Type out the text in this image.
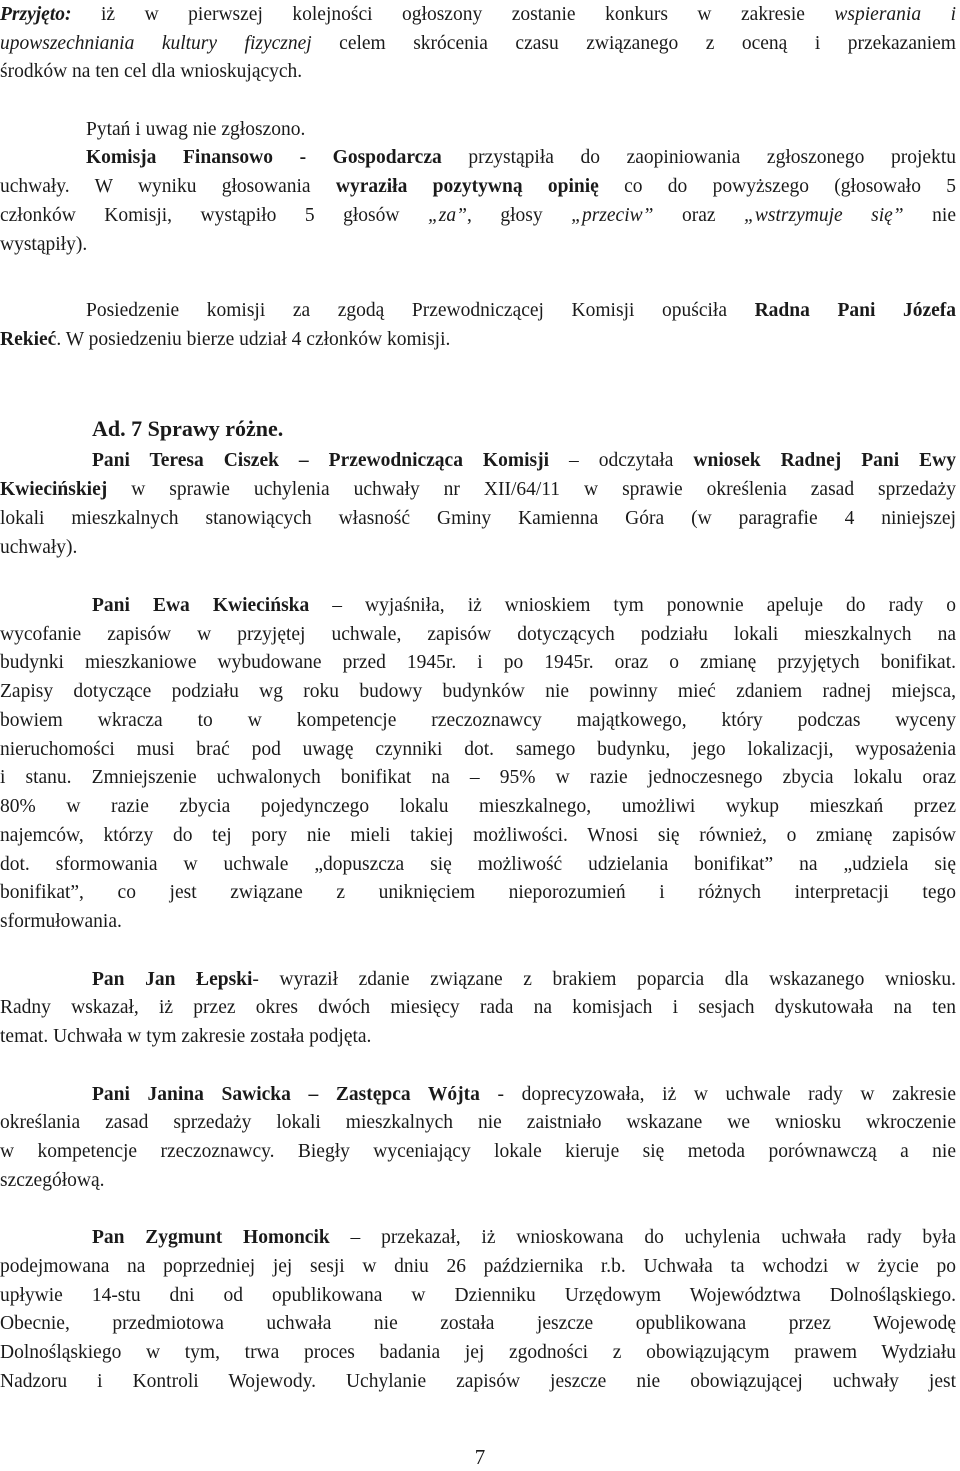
Przyjęto: iż w pierwszej kolejności ogłoszony zostanie konkurs w zakresie wspierania i
upowszechniania kultury fizycznej celem skrócenia czasu związanego z oceną i przekazaniem
środków na ten cel dla wnioskujących.
Pytań i uwag nie zgłoszono.
Komisja Finansowo - Gospodarcza przystąpiła do zaopiniowania zgłoszonego projektu
uchwały. W wyniku głosowania wyraziła pozytywną opinię co do powyższego (głosowało 5
członków Komisji, wystąpiło 5 głosów „za”, głosy „przeciw” oraz „wstrzymuje się” nie
wystąpiły).
Posiedzenie komisji za zgodą Przewodniczącej Komisji opuściła Radna Pani Józefa
Rekieć. W posiedzeniu bierze udział 4 członków komisji.
Ad. 7 Sprawy różne.
Pani Teresa Ciszek – Przewodnicząca Komisji – odczytała wniosek Radnej Pani Ewy
Kwiecińskiej w sprawie uchylenia uchwały nr XII/64/11 w sprawie określenia zasad sprzedaży
lokali mieszkalnych stanowiących własność Gminy Kamienna Góra (w paragrafie 4 niniejszej
uchwały).
Pani Ewa Kwiecińska – wyjaśniła, iż wnioskiem tym ponownie apeluje do rady o
wycofanie zapisów w przyjętej uchwale, zapisów dotyczących podziału lokali mieszkalnych na
budynki mieszkaniowe wybudowane przed 1945r. i po 1945r. oraz o zmianę przyjętych bonifikat.
Zapisy dotyczące podziału wg roku budowy budynków nie powinny mieć zdaniem radnej miejsca,
bowiem wkracza to w kompetencje rzeczoznawcy majątkowego, który podczas wyceny
nieruchomości musi brać pod uwagę czynniki dot. samego budynku, jego lokalizacji, wyposażenia
i stanu. Zmniejszenie uchwalonych bonifikat na – 95% w razie jednoczesnego zbycia lokalu oraz
80% w razie zbycia pojedynczego lokalu mieszkalnego, umożliwi wykup mieszkań przez
najemców, którzy do tej pory nie mieli takiej możliwości. Wnosi się również, o zmianę zapisów
dot. sformowania w uchwale „dopuszcza się możliwość udzielania bonifikat” na „udziela się
bonifikat”, co jest związane z uniknięciem nieporozumień i różnych interpretacji tego
sformułowania.
Pan Jan Łepski- wyraził zdanie związane z brakiem poparcia dla wskazanego wniosku.
Radny wskazał, iż przez okres dwóch miesięcy rada na komisjach i sesjach dyskutowała na ten
temat. Uchwała w tym zakresie została podjęta.
Pani Janina Sawicka – Zastępca Wójta - doprecyzowała, iż w uchwale rady w zakresie
określania zasad sprzedaży lokali mieszkalnych nie zaistniało wskazane we wniosku wkroczenie
w kompetencje rzeczoznawcy. Biegły wyceniający lokale kieruje się metoda porównawczą a nie
szczegółową.
Pan Zygmunt Homoncik – przekazał, iż wnioskowana do uchylenia uchwała rady była
podejmowana na poprzedniej jej sesji w dniu 26 października r.b. Uchwała ta wchodzi w życie po
upływie 14-stu dni od opublikowana w Dzienniku Urzędowym Województwa Dolnośląskiego.
Obecnie, przedmiotowa uchwała nie została jeszcze opublikowana przez Wojewodę
Dolnośląskiego w tym, trwa proces badania jej zgodności z obowiązującym prawem Wydziału
Nadzoru i Kontroli Wojewody. Uchylanie zapisów jeszcze nie obowiązującej uchwały jest
7
